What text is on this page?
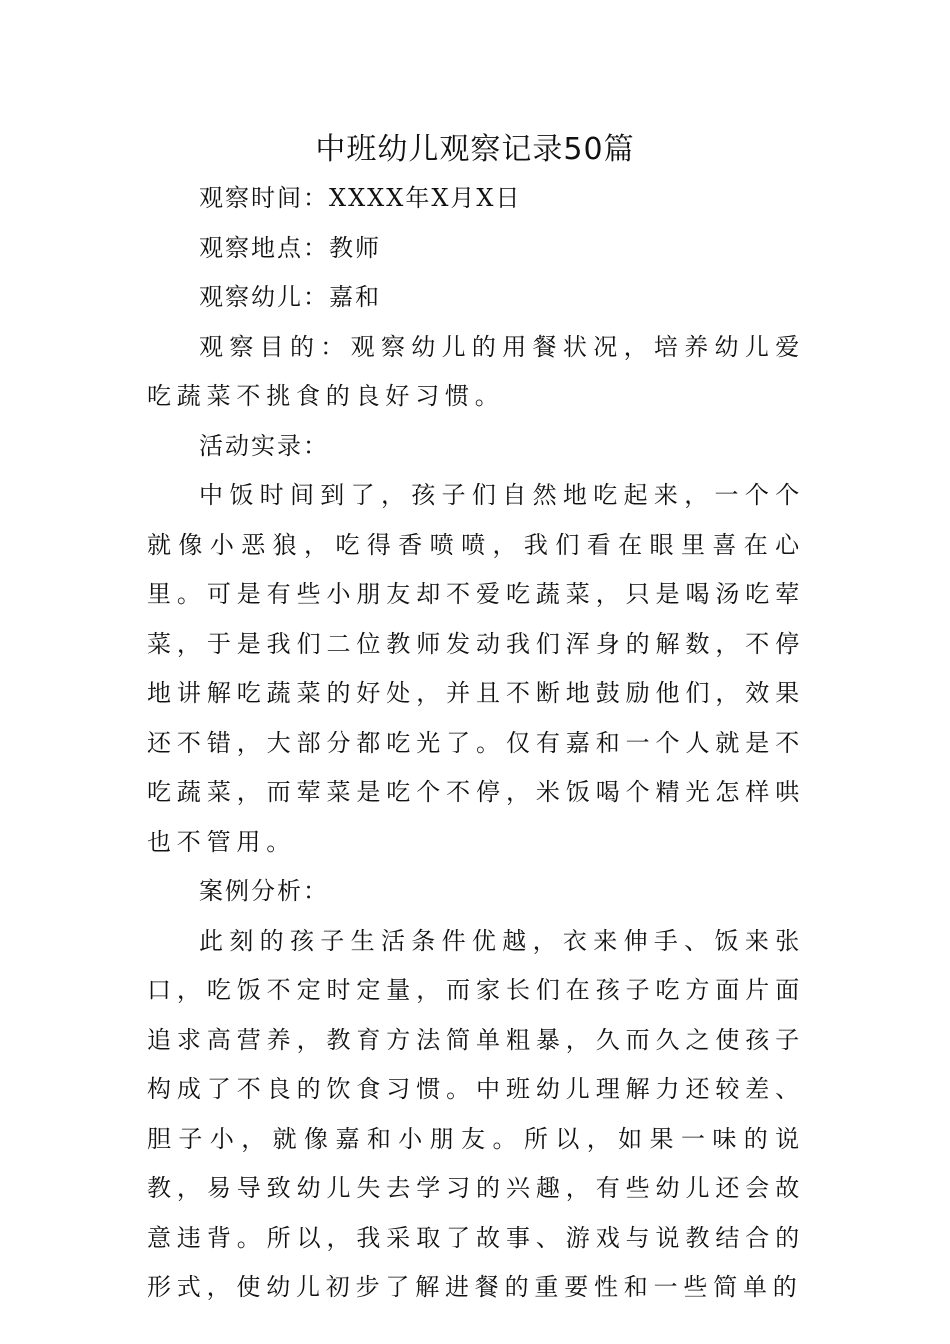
中班幼儿观察记录50篇

观察时间：XXXX年X月X日

观察地点：教师

观察幼儿：嘉和

观察目的：观察幼儿的用餐状况，培养幼儿爱吃蔬菜不挑食的良好习惯。

活动实录：

中饭时间到了，孩子们自然地吃起来，一个个就像小恶狼，吃得香喷喷，我们看在眼里喜在心里。可是有些小朋友却不爱吃蔬菜，只是喝汤吃荤菜，于是我们二位教师发动我们浑身的解数，不停地讲解吃蔬菜的好处，并且不断地鼓励他们，效果还不错，大部分都吃光了。仅有嘉和一个人就是不吃蔬菜，而荤菜是吃个不停，米饭喝个精光怎样哄也不管用。

案例分析：

此刻的孩子生活条件优越，衣来伸手、饭来张口，吃饭不定时定量，而家长们在孩子吃方面片面追求高营养，教育方法简单粗暴，久而久之使孩子构成了不良的饮食习惯。中班幼儿理解力还较差、胆子小，就像嘉和小朋友。所以，如果一味的说教，易导致幼儿失去学习的兴趣，有些幼儿还会故意违背。所以，我采取了故事、游戏与说教结合的形式，使幼儿初步了解进餐的重要性和一些简单的
